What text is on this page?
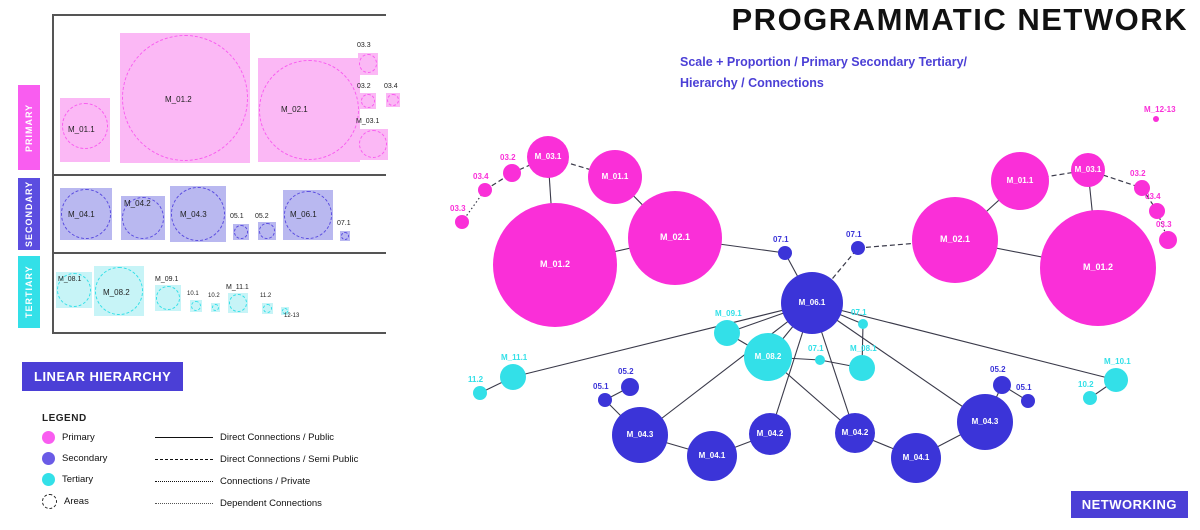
PRIMARY
SECONDARY
TERTIARY
M_01.1
M_01.2
M_02.1
03.3
03.2 03.4
M_03.1
M_04.1
M_04.2
M_04.3	05.1 05.2	M_06.1
07.1
M_08.1
M_08.2
M_09.1
10.1 10.2
M_11.1
11.2
12-13
LINEAR HIERARCHY
LEGEND
Primary
Secondary
Tertiary
Areas
Direct Connections / Public
Direct Connections / Semi Public
Connections / Private
Dependent Connections
PROGRAMMATIC NETWORK
Scale + Proportion / Primary Secondary Tertiary/
Hierarchy / Connections
M_01.2
M_02.1
M_01.1
M_03.1
03.2
03.4
03.3
M_06.1
07.1
07.1	M_02.1
M_01.2
M_01.1
M_03.1	03.2
03.4
03.3
M_12-13
M_09.1
M_08.2
M_08.1
07.1
07.1
M_11.1
11.2
M_04.3
M_04.1
M_04.2	M_04.2
M_04.1
M_04.3
05.1
05.2	05.2
05.1
M_10.1
10.2
NETWORKING
